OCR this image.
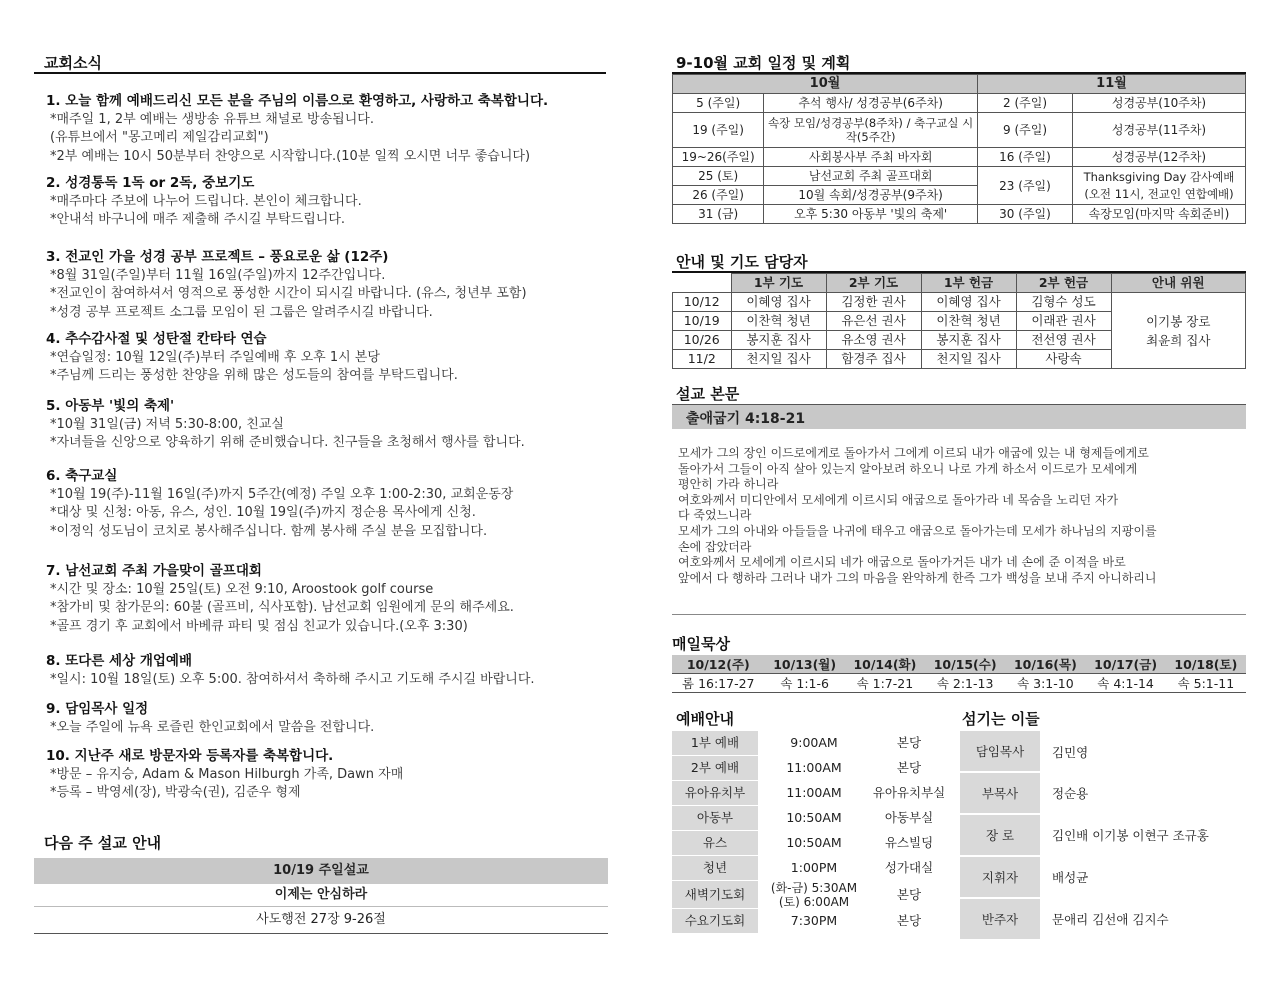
교회소식
1. 오늘 함께 예배드리신 모든 분을 주님의 이름으로 환영하고, 사랑하고 축복합니다.
*매주일 1, 2부 예배는 생방송 유튜브 채널로 방송됩니다.
(유튜브에서 "몽고메리 제일감리교회")
*2부 예배는 10시 50분부터 찬양으로 시작합니다.(10분 일찍 오시면 너무 좋습니다)
2. 성경통독 1독 or 2독, 중보기도
*매주마다 주보에 나누어 드립니다. 본인이 체크합니다.
*안내석 바구니에 매주 제출해 주시길 부탁드립니다.
3. 전교인 가을 성경 공부 프로젝트 – 풍요로운 삶 (12주)
*8월 31일(주일)부터 11월 16일(주일)까지 12주간입니다.
*전교인이 참여하셔서 영적으로 풍성한 시간이 되시길 바랍니다. (유스, 청년부 포함)
*성경 공부 프로젝트 소그룹 모임이 된 그룹은 알려주시길 바랍니다.
4. 추수감사절 및 성탄절 칸타타 연습
*연습일정: 10월 12일(주)부터 주일예배 후 오후 1시 본당
*주님께 드리는 풍성한 찬양을 위해 많은 성도들의 참여를 부탁드립니다.
5. 아동부 '빛의 축제'
*10월 31일(금) 저녁 5:30-8:00, 친교실
*자녀들을 신앙으로 양육하기 위해 준비했습니다. 친구들을 초청해서 행사를 합니다.
6. 축구교실
*10월 19(주)-11월 16일(주)까지 5주간(예정) 주일 오후 1:00-2:30, 교회운동장
*대상 및 신청: 아동, 유스, 성인. 10월 19일(주)까지 정순용 목사에게 신청.
*이정익 성도님이 코치로 봉사해주십니다. 함께 봉사해 주실 분을 모집합니다.
7. 남선교회 주최 가을맞이 골프대회
*시간 및 장소: 10월 25일(토) 오전 9:10, Aroostook golf course
*참가비 및 참가문의: 60불 (골프비, 식사포함). 남선교회 임원에게 문의 해주세요.
*골프 경기 후 교회에서 바베큐 파티 및 점심 친교가 있습니다.(오후 3:30)
8. 또다른 세상 개업예배
*일시: 10월 18일(토) 오후 5:00. 참여하셔서 축하해 주시고 기도해 주시길 바랍니다.
9. 담임목사 일정
*오늘 주일에 뉴욕 로즐린 한인교회에서 말씀을 전합니다.
10. 지난주 새로 방문자와 등록자를 축복합니다.
*방문 – 유지승, Adam & Mason Hilburgh 가족, Dawn 자매
*등록 – 박영세(장), 박광숙(권), 김준우 형제
다음 주 설교 안내
10/19 주일설교
이제는 안심하라
사도행전 27장 9-26절
9-10월 교회 일정 및 계획
10월		11월	
5 (주일)	추석 행사/ 성경공부(6주차)	2 (주일)	성경공부(10주차)
19 (주일)	속장 모임/성경공부(8주차) / 축구교실 시작(5주간)	9 (주일)	성경공부(11주차)
19~26(주일)	사회봉사부 주최 바자회	16 (주일)	성경공부(12주차)
25 (토)	남선교회 주최 골프대회	23 (주일)	Thanksgiving Day 감사예배 (오전 11시, 전교인 연합예배)
26 (주일)	10월 속회/성경공부(9주차)		
31 (금)	오후 5:30 아동부 '빛의 축제'	30 (주일)	속장모임(마지막 속회준비)
안내 및 기도 담당자
	1부 기도	2부 기도	1부 헌금	2부 헌금	안내 위원
10/12	이혜영 집사	김정한 권사	이혜영 집사	김형수 성도	이기봉 장로
최윤희 집사

10/19	이찬혁 청년	유은선 권사	이찬혁 청년	이래관 권사	
10/26	봉지훈 집사	유소영 권사	봉지훈 집사	전선영 권사	
11/2	천지일 집사	함경주 집사	천지일 집사	사랑속	
설교 본문
출애굽기 4:18-21
모세가 그의 장인 이드로에게로 돌아가서 그에게 이르되 내가 애굽에 있는 내 형제들에게로
돌아가서 그들이 아직 살아 있는지 알아보려 하오니 나로 가게 하소서 이드로가 모세에게
평안히 가라 하니라
여호와께서 미디안에서 모세에게 이르시되 애굽으로 돌아가라 네 목숨을 노리던 자가
다 죽었느니라
모세가 그의 아내와 아들들을 나귀에 태우고 애굽으로 돌아가는데 모세가 하나님의 지팡이를
손에 잡았더라
여호와께서 모세에게 이르시되 네가 애굽으로 돌아가거든 내가 네 손에 준 이적을 바로
앞에서 다 행하라 그러나 내가 그의 마음을 완악하게 한즉 그가 백성을 보내 주지 아니하리니
매일묵상
10/12(주)	10/13(월)	10/14(화)	10/15(수)	10/16(목)	10/17(금)	10/18(토)
롬 16:17-27	속 1:1-6	속 1:7-21	속 2:1-13	속 3:1-10	속 4:1-14	속 5:1-11
예배안내
1부 예배	9:00AM	본당
2부 예배	11:00AM	본당
유아유치부	11:00AM	유아유치부실
아동부	10:50AM	아동부실
유스	10:50AM	유스빌딩
청년	1:00PM	성가대실
새벽기도회	(화-금) 5:30AM (토) 6:00AM	본당
수요기도회	7:30PM	본당
섬기는 이들
담임목사	김민영
부목사	정순용
장 로	김인배 이기봉 이현구 조규홍
지휘자	배성균
반주자	문애리 김선애 김지수
